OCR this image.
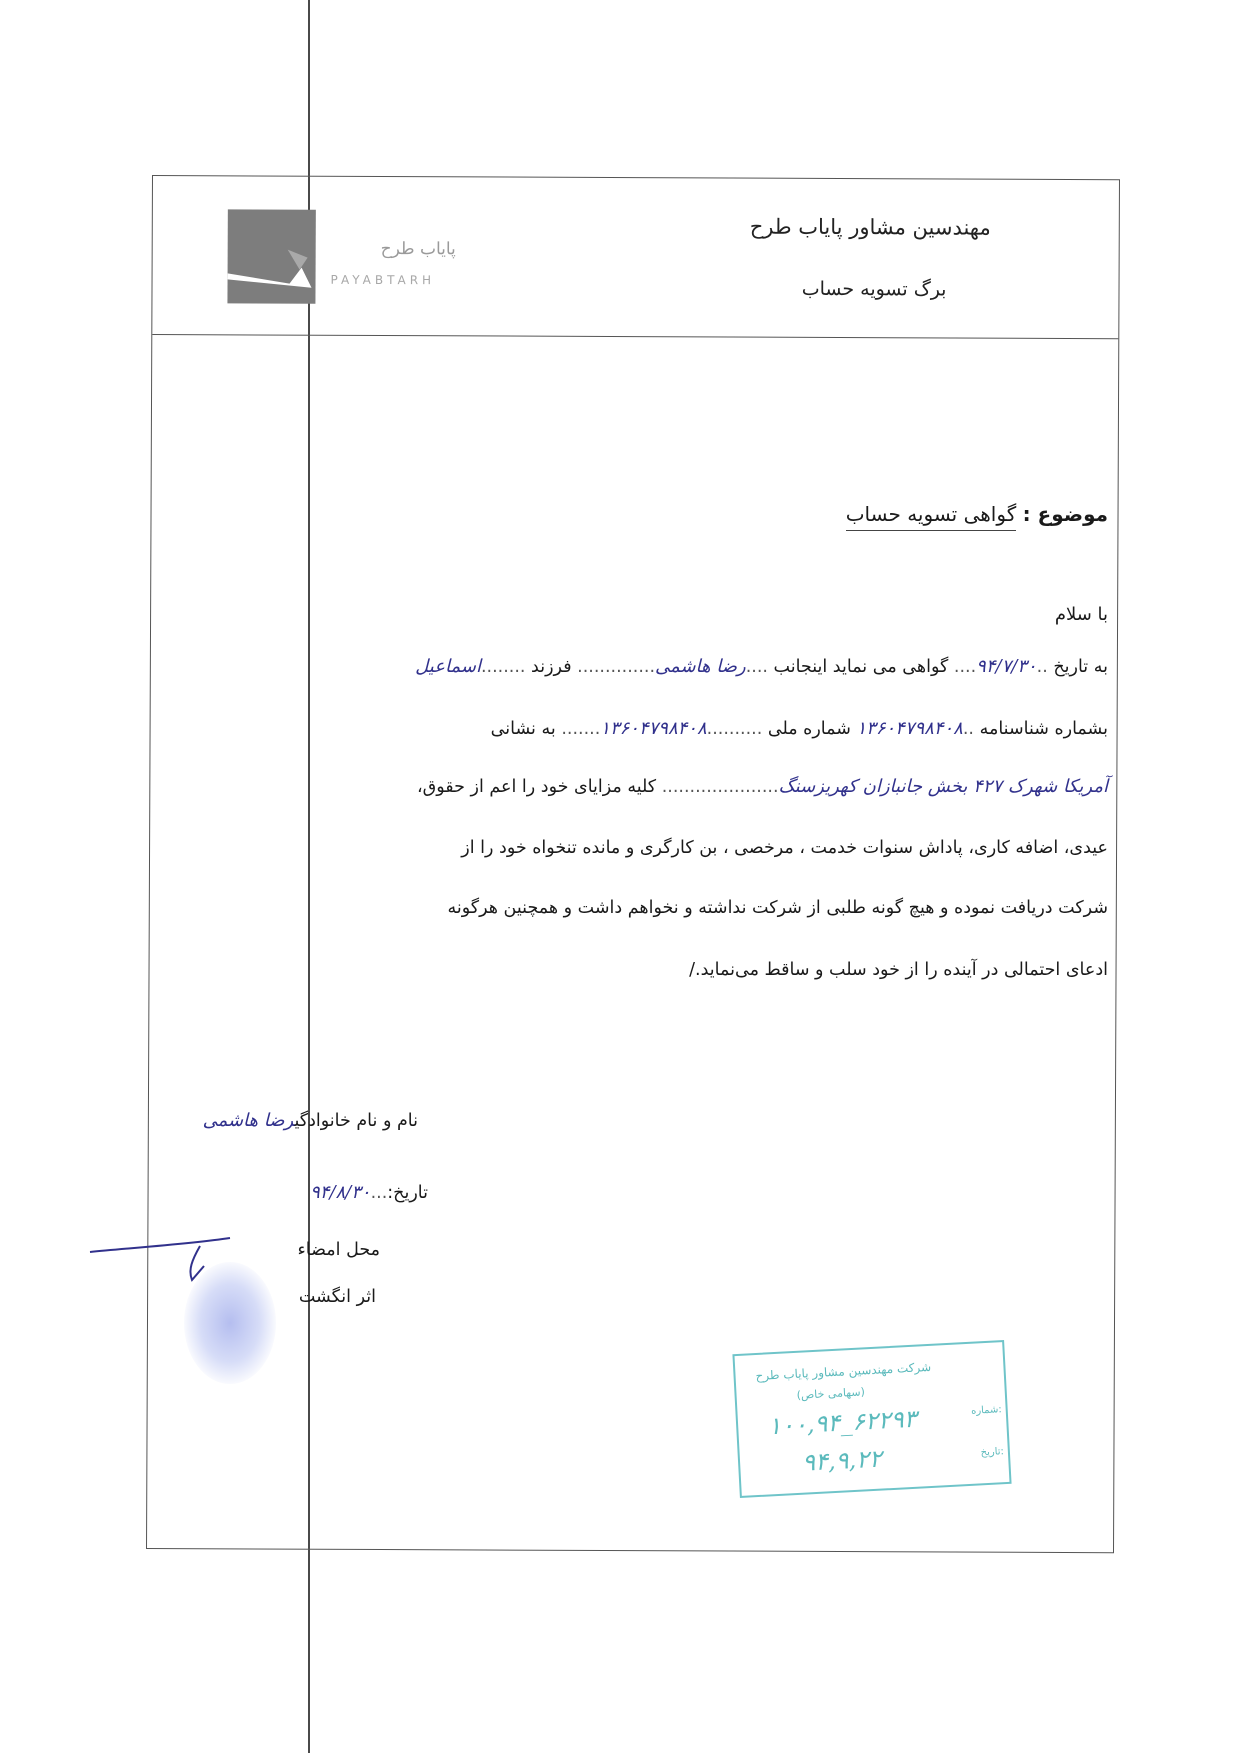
پایاب طرح
PAYABTARH
مهندسین مشاور پایاب طرح
برگ تسویه حساب
موضوع : گواهی تسویه حساب
با سلام
به تاریخ ..۹۴/۷/۳۰.... گواهی می نماید اینجانب ....رضا هاشمی.............. فرزند ........اسماعیل
بشماره شناسنامه ..۱۳۶۰۴۷۹۸۴۰۸ شماره ملی ..........۱۳۶۰۴۷۹۸۴۰۸....... به نشانی
آمریکا شهرک ۴۲۷ بخش جانبازان کهریزسنگ..................... کلیه مزایای خود را اعم از حقوق،
عیدی، اضافه کاری، پاداش سنوات خدمت ، مرخصی ، بن کارگری و مانده تنخواه خود را از
شرکت دریافت نموده و هیچ گونه طلبی از شرکت نداشته و نخواهم داشت و همچنین هرگونه
ادعای احتمالی در آینده را از خود سلب و ساقط می‌نماید./
نام و نام خانوادگیرضا هاشمی
تاریخ:...۹۴/۸/۳۰
محل امضاء
اثر انگشت
شرکت مهندسین مشاور پایاب طرح
(سهامی خاص)
شماره:
۱۰۰,۹۴_۶۲۲۹۳
تاریخ:
۹۴,۹,۲۲
